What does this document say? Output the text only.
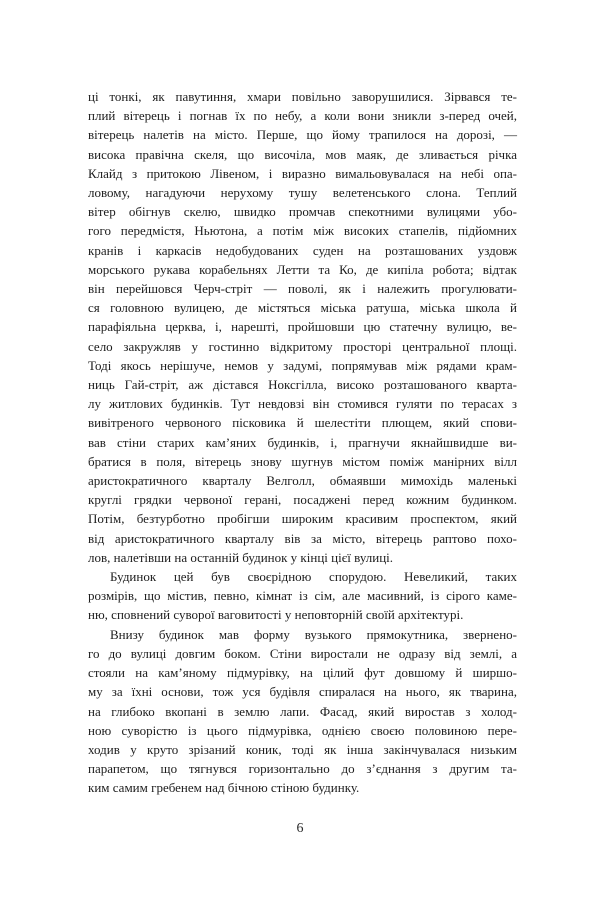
ці тонкі, як павутиння, хмари повільно заворушилися. Зірвався те-
плий вітерець і погнав їх по небу, а коли вони зникли з-перед очей,
вітерець налетів на місто. Перше, що йому трапилося на дорозі, —
висока правічна скеля, що височіла, мов маяк, де зливається річка
Клайд з притокою Лівеном, і виразно вимальовувалася на небі опа-
ловому, нагадуючи нерухому тушу велетенського слона. Теплий
вітер обігнув скелю, швидко промчав спекотними вулицями убо-
гого передмістя, Ньютона, а потім між високих стапелів, підйомних
кранів і каркасів недобудованих суден на розташованих уздовж
морського рукава корабельнях Летти та Ко, де кипіла робота; відтак
він перейшовся Черч-стріт — поволі, як і належить прогулювати-
ся головною вулицею, де містяться міська ратуша, міська школа й
парафіяльна церква, і, нарешті, пройшовши цю статечну вулицю, ве-
село закружляв у гостинно відкритому просторі центральної площі.
Тоді якось нерішуче, немов у задумі, попрямував між рядами крам-
ниць Гай-стріт, аж дістався Ноксгілла, високо розташованого кварта-
лу житлових будинків. Тут невдовзі він стомився гуляти по терасах з
вивітреного червоного пісковика й шелестіти плющем, який спови-
вав стіни старих кам’яних будинків, і, прагнучи якнайшвидше ви-
братися в поля, вітерець знову шугнув містом поміж манірних вілл
аристократичного кварталу Велголл, обмаявши мимохідь маленькі
круглі грядки червоної герані, посаджені перед кожним будинком.
Потім, безтурботно пробігши широким красивим проспектом, який
від аристократичного кварталу вів за місто, вітерець раптово похо-
лов, налетівши на останній будинок у кінці цієї вулиці.

Будинок цей був своєрідною спорудою. Невеликий, таких
розмірів, що містив, певно, кімнат із сім, але масивний, із сірого каме-
ню, сповнений суворої ваговитості у неповторній своїй архітектурі.

Внизу будинок мав форму вузького прямокутника, звернено-
го до вулиці довгим боком. Стіни виростали не одразу від землі, а
стояли на кам’яному підмурівку, на цілий фут довшому й ширшо-
му за їхні основи, тож уся будівля спиралася на нього, як тварина,
на глибоко вкопані в землю лапи. Фасад, який виростав з холод-
ною суворістю із цього підмурівка, однією своєю половиною пере-
ходив у круто зрізаний коник, тоді як інша закінчувалася низьким
парапетом, що тягнувся горизонтально до з’єднання з другим та-
ким самим гребенем над бічною стіною будинку.

6
